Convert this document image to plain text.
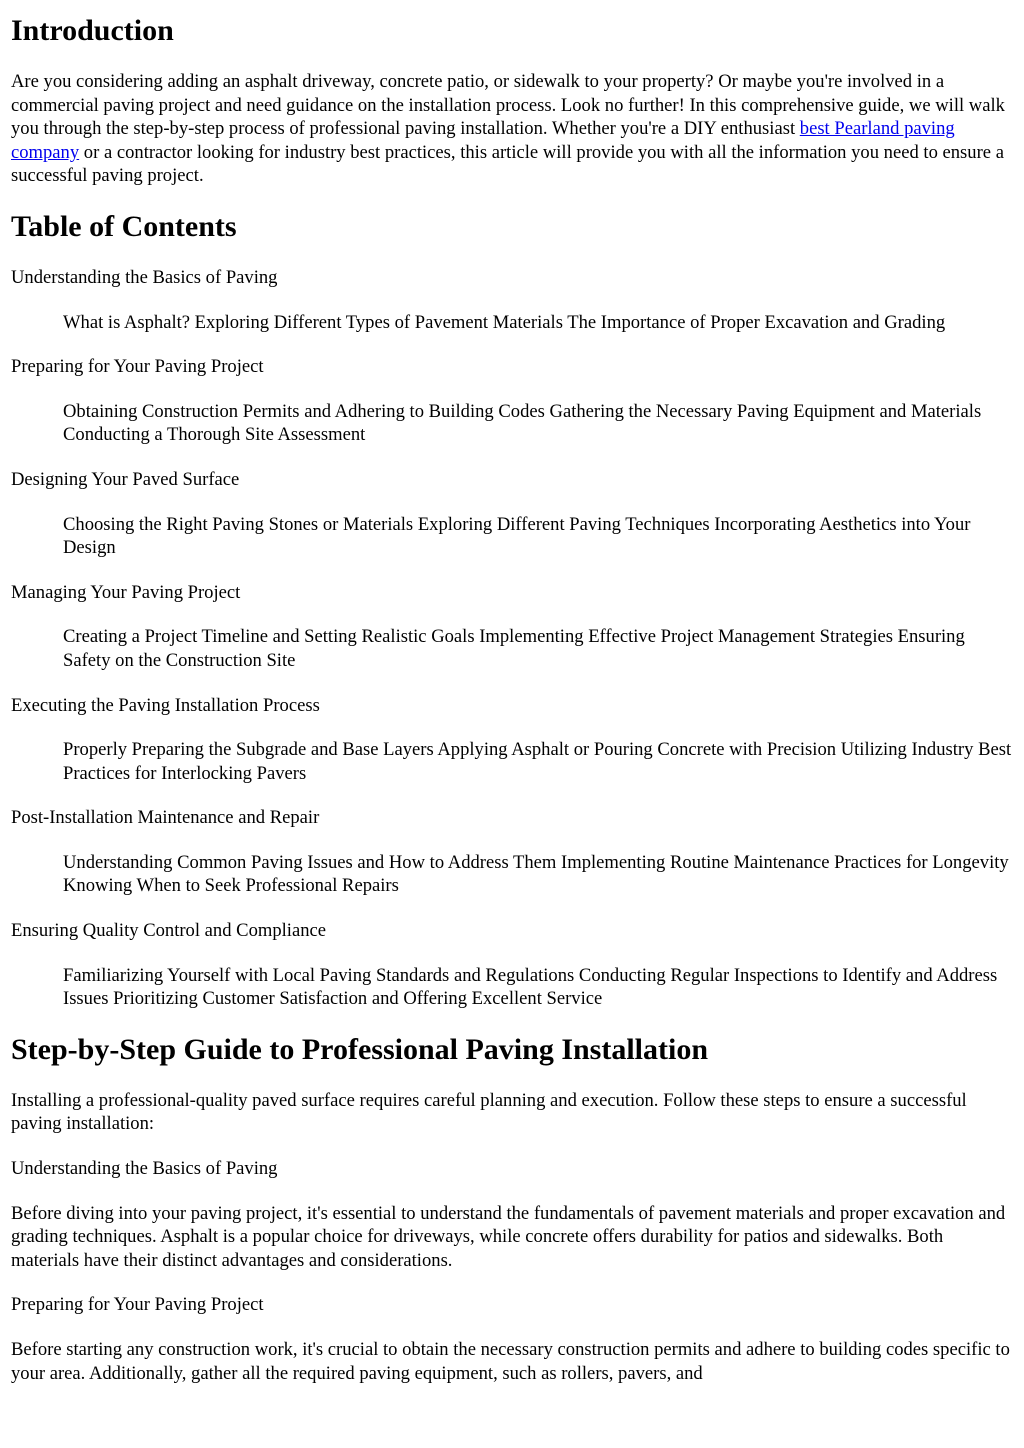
Introduction

Are you considering adding an asphalt driveway, concrete patio, or sidewalk to your property? Or maybe you're involved in a commercial paving project and need guidance on the installation process. Look no further! In this comprehensive guide, we will walk you through the step-by-step process of professional paving installation. Whether you're a DIY enthusiast best Pearland paving company or a contractor looking for industry best practices, this article will provide you with all the information you need to ensure a successful paving project.

Table of Contents

Understanding the Basics of Paving

What is Asphalt? Exploring Different Types of Pavement Materials The Importance of Proper Excavation and Grading

Preparing for Your Paving Project

Obtaining Construction Permits and Adhering to Building Codes Gathering the Necessary Paving Equipment and Materials Conducting a Thorough Site Assessment

Designing Your Paved Surface

Choosing the Right Paving Stones or Materials Exploring Different Paving Techniques Incorporating Aesthetics into Your Design

Managing Your Paving Project

Creating a Project Timeline and Setting Realistic Goals Implementing Effective Project Management Strategies Ensuring Safety on the Construction Site

Executing the Paving Installation Process

Properly Preparing the Subgrade and Base Layers Applying Asphalt or Pouring Concrete with Precision Utilizing Industry Best Practices for Interlocking Pavers

Post-Installation Maintenance and Repair

Understanding Common Paving Issues and How to Address Them Implementing Routine Maintenance Practices for Longevity Knowing When to Seek Professional Repairs

Ensuring Quality Control and Compliance

Familiarizing Yourself with Local Paving Standards and Regulations Conducting Regular Inspections to Identify and Address Issues Prioritizing Customer Satisfaction and Offering Excellent Service

Step-by-Step Guide to Professional Paving Installation

Installing a professional-quality paved surface requires careful planning and execution. Follow these steps to ensure a successful paving installation:

Understanding the Basics of Paving

Before diving into your paving project, it's essential to understand the fundamentals of pavement materials and proper excavation and grading techniques. Asphalt is a popular choice for driveways, while concrete offers durability for patios and sidewalks. Both materials have their distinct advantages and considerations.

Preparing for Your Paving Project

Before starting any construction work, it's crucial to obtain the necessary construction permits and adhere to building codes specific to your area. Additionally, gather all the required paving equipment, such as rollers, pavers, and
